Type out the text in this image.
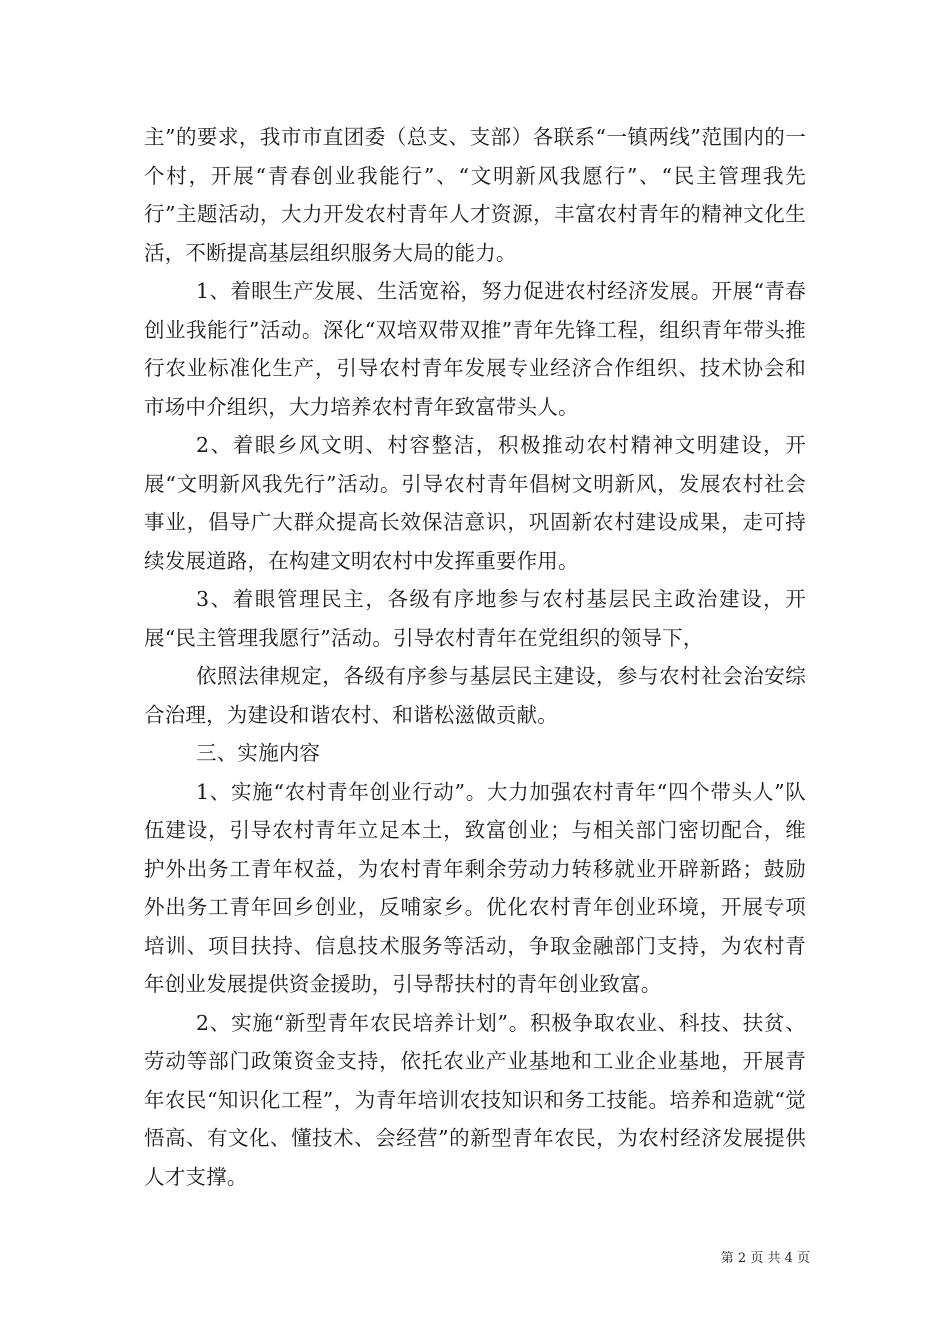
主”的要求，我市市直团委（总支、支部）各联系“一镇两线”范围内的一个村，开展“青春创业我能行”、“文明新风我愿行”、“民主管理我先行”主题活动，大力开发农村青年人才资源，丰富农村青年的精神文化生活，不断提高基层组织服务大局的能力。

1、着眼生产发展、生活宽裕，努力促进农村经济发展。开展“青春创业我能行”活动。深化“双培双带双推”青年先锋工程，组织青年带头推行农业标准化生产，引导农村青年发展专业经济合作组织、技术协会和市场中介组织，大力培养农村青年致富带头人。

2、着眼乡风文明、村容整洁，积极推动农村精神文明建设，开展“文明新风我先行”活动。引导农村青年倡树文明新风，发展农村社会事业，倡导广大群众提高长效保洁意识，巩固新农村建设成果，走可持续发展道路，在构建文明农村中发挥重要作用。

3、着眼管理民主，各级有序地参与农村基层民主政治建设，开展“民主管理我愿行”活动。引导农村青年在党组织的领导下，

依照法律规定，各级有序参与基层民主建设，参与农村社会治安综合治理，为建设和谐农村、和谐松滋做贡献。

三、实施内容

1、实施“农村青年创业行动”。大力加强农村青年“四个带头人”队伍建设，引导农村青年立足本土，致富创业；与相关部门密切配合，维护外出务工青年权益，为农村青年剩余劳动力转移就业开辟新路；鼓励外出务工青年回乡创业，反哺家乡。优化农村青年创业环境，开展专项培训、项目扶持、信息技术服务等活动，争取金融部门支持，为农村青年创业发展提供资金援助，引导帮扶村的青年创业致富。

2、实施“新型青年农民培养计划”。积极争取农业、科技、扶贫、劳动等部门政策资金支持，依托农业产业基地和工业企业基地，开展青年农民“知识化工程”，为青年培训农技知识和务工技能。培养和造就“觉悟高、有文化、懂技术、会经营”的新型青年农民，为农村经济发展提供人才支撑。

第 2 页 共 4 页
